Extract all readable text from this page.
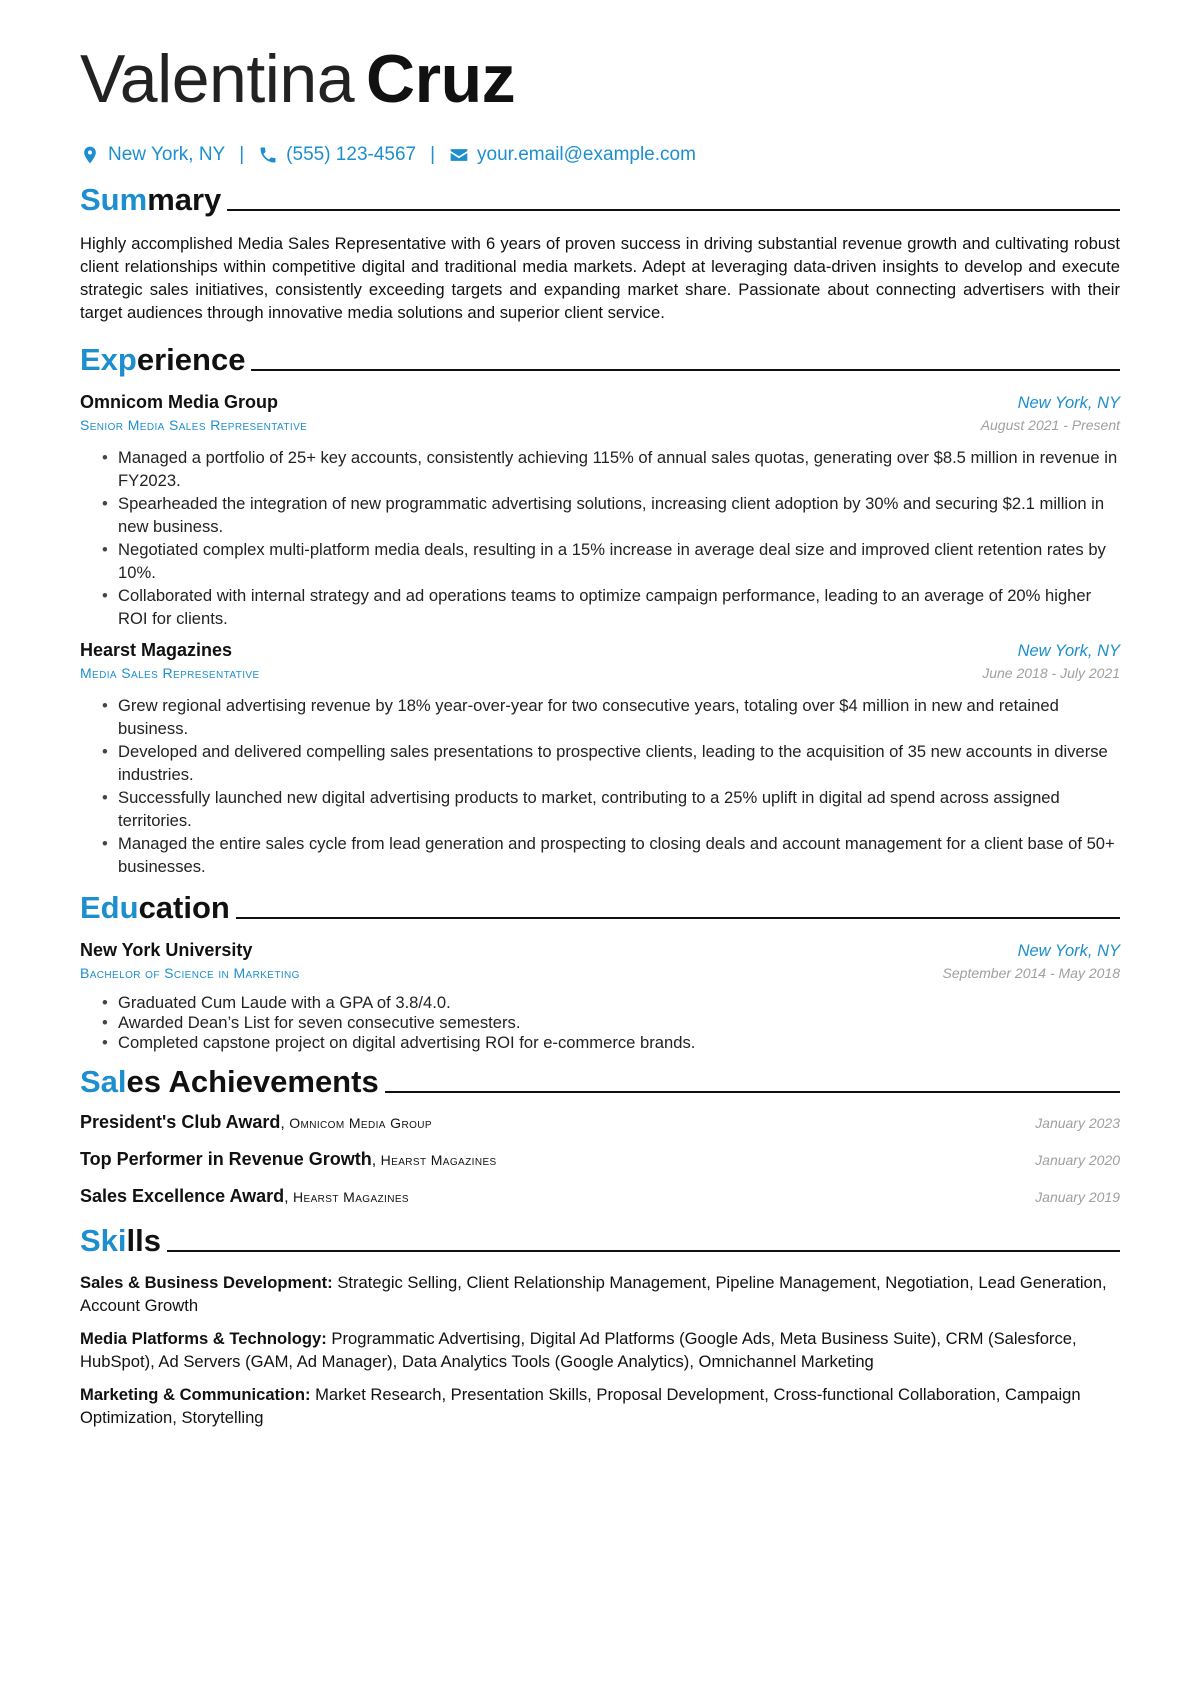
Valentina Cruz
New York, NY | (555) 123-4567 | your.email@example.com
Summary
Highly accomplished Media Sales Representative with 6 years of proven success in driving substantial revenue growth and cultivating robust client relationships within competitive digital and traditional media markets. Adept at leveraging data-driven insights to develop and execute strategic sales initiatives, consistently exceeding targets and expanding market share. Passionate about connecting advertisers with their target audiences through innovative media solutions and superior client service.
Experience
Omnicom Media Group	New York, NY
Senior Media Sales Representative	August 2021 - Present
• Managed a portfolio of 25+ key accounts, consistently achieving 115% of annual sales quotas, generating over $8.5 million in revenue in FY2023.
• Spearheaded the integration of new programmatic advertising solutions, increasing client adoption by 30% and securing $2.1 million in new business.
• Negotiated complex multi-platform media deals, resulting in a 15% increase in average deal size and improved client retention rates by 10%.
• Collaborated with internal strategy and ad operations teams to optimize campaign performance, leading to an average of 20% higher ROI for clients.
Hearst Magazines	New York, NY
Media Sales Representative	June 2018 - July 2021
• Grew regional advertising revenue by 18% year-over-year for two consecutive years, totaling over $4 million in new and retained business.
• Developed and delivered compelling sales presentations to prospective clients, leading to the acquisition of 35 new accounts in diverse industries.
• Successfully launched new digital advertising products to market, contributing to a 25% uplift in digital ad spend across assigned territories.
• Managed the entire sales cycle from lead generation and prospecting to closing deals and account management for a client base of 50+ businesses.
Education
New York University	New York, NY
Bachelor of Science in Marketing	September 2014 - May 2018
• Graduated Cum Laude with a GPA of 3.8/4.0.
• Awarded Dean’s List for seven consecutive semesters.
• Completed capstone project on digital advertising ROI for e-commerce brands.
Sales Achievements
President's Club Award, Omnicom Media Group	January 2023
Top Performer in Revenue Growth, Hearst Magazines	January 2020
Sales Excellence Award, Hearst Magazines	January 2019
Skills
Sales & Business Development: Strategic Selling, Client Relationship Management, Pipeline Management, Negotiation, Lead Generation, Account Growth
Media Platforms & Technology: Programmatic Advertising, Digital Ad Platforms (Google Ads, Meta Business Suite), CRM (Salesforce, HubSpot), Ad Servers (GAM, Ad Manager), Data Analytics Tools (Google Analytics), Omnichannel Marketing
Marketing & Communication: Market Research, Presentation Skills, Proposal Development, Cross-functional Collaboration, Campaign Optimization, Storytelling
